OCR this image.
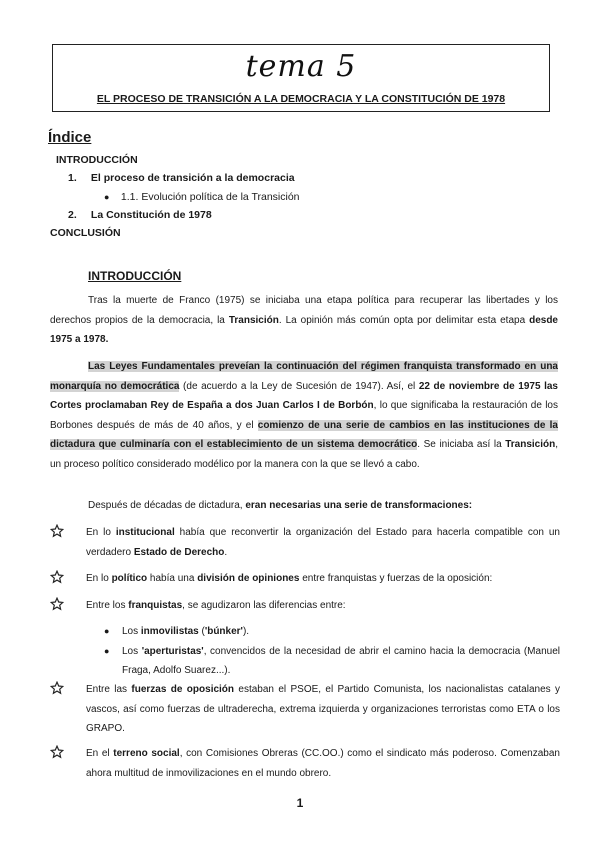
tema 5
EL PROCESO DE TRANSICIÓN A LA DEMOCRACIA Y LA CONSTITUCIÓN DE 1978
Índice
INTRODUCCIÓN
1. El proceso de transición a la democracia
● 1.1. Evolución política de la Transición
2. La Constitución de 1978
CONCLUSIÓN
INTRODUCCIÓN
Tras la muerte de Franco (1975) se iniciaba una etapa política para recuperar las libertades y los derechos propios de la democracia, la Transición. La opinión más común opta por delimitar esta etapa desde 1975 a 1978.
Las Leyes Fundamentales preveían la continuación del régimen franquista transformado en una monarquía no democrática (de acuerdo a la Ley de Sucesión de 1947). Así, el 22 de noviembre de 1975 las Cortes proclamaban Rey de España a dos Juan Carlos I de Borbón, lo que significaba la restauración de los Borbones después de más de 40 años, y el comienzo de una serie de cambios en las instituciones de la dictadura que culminaría con el establecimiento de un sistema democrático. Se iniciaba así la Transición, un proceso político considerado modélico por la manera con la que se llevó a cabo.
Después de décadas de dictadura, eran necesarias una serie de transformaciones:
En lo institucional había que reconvertir la organización del Estado para hacerla compatible con un verdadero Estado de Derecho.
En lo político había una división de opiniones entre franquistas y fuerzas de la oposición:
Entre los franquistas, se agudizaron las diferencias entre:
● Los inmovilistas ('búnker').
● Los 'aperturistas', convencidos de la necesidad de abrir el camino hacia la democracia (Manuel Fraga, Adolfo Suarez...).
Entre las fuerzas de oposición estaban el PSOE, el Partido Comunista, los nacionalistas catalanes y vascos, así como fuerzas de ultraderecha, extrema izquierda y organizaciones terroristas como ETA o los GRAPO.
En el terreno social, con Comisiones Obreras (CC.OO.) como el sindicato más poderoso. Comenzaban ahora multitud de inmovilizaciones en el mundo obrero.
1
